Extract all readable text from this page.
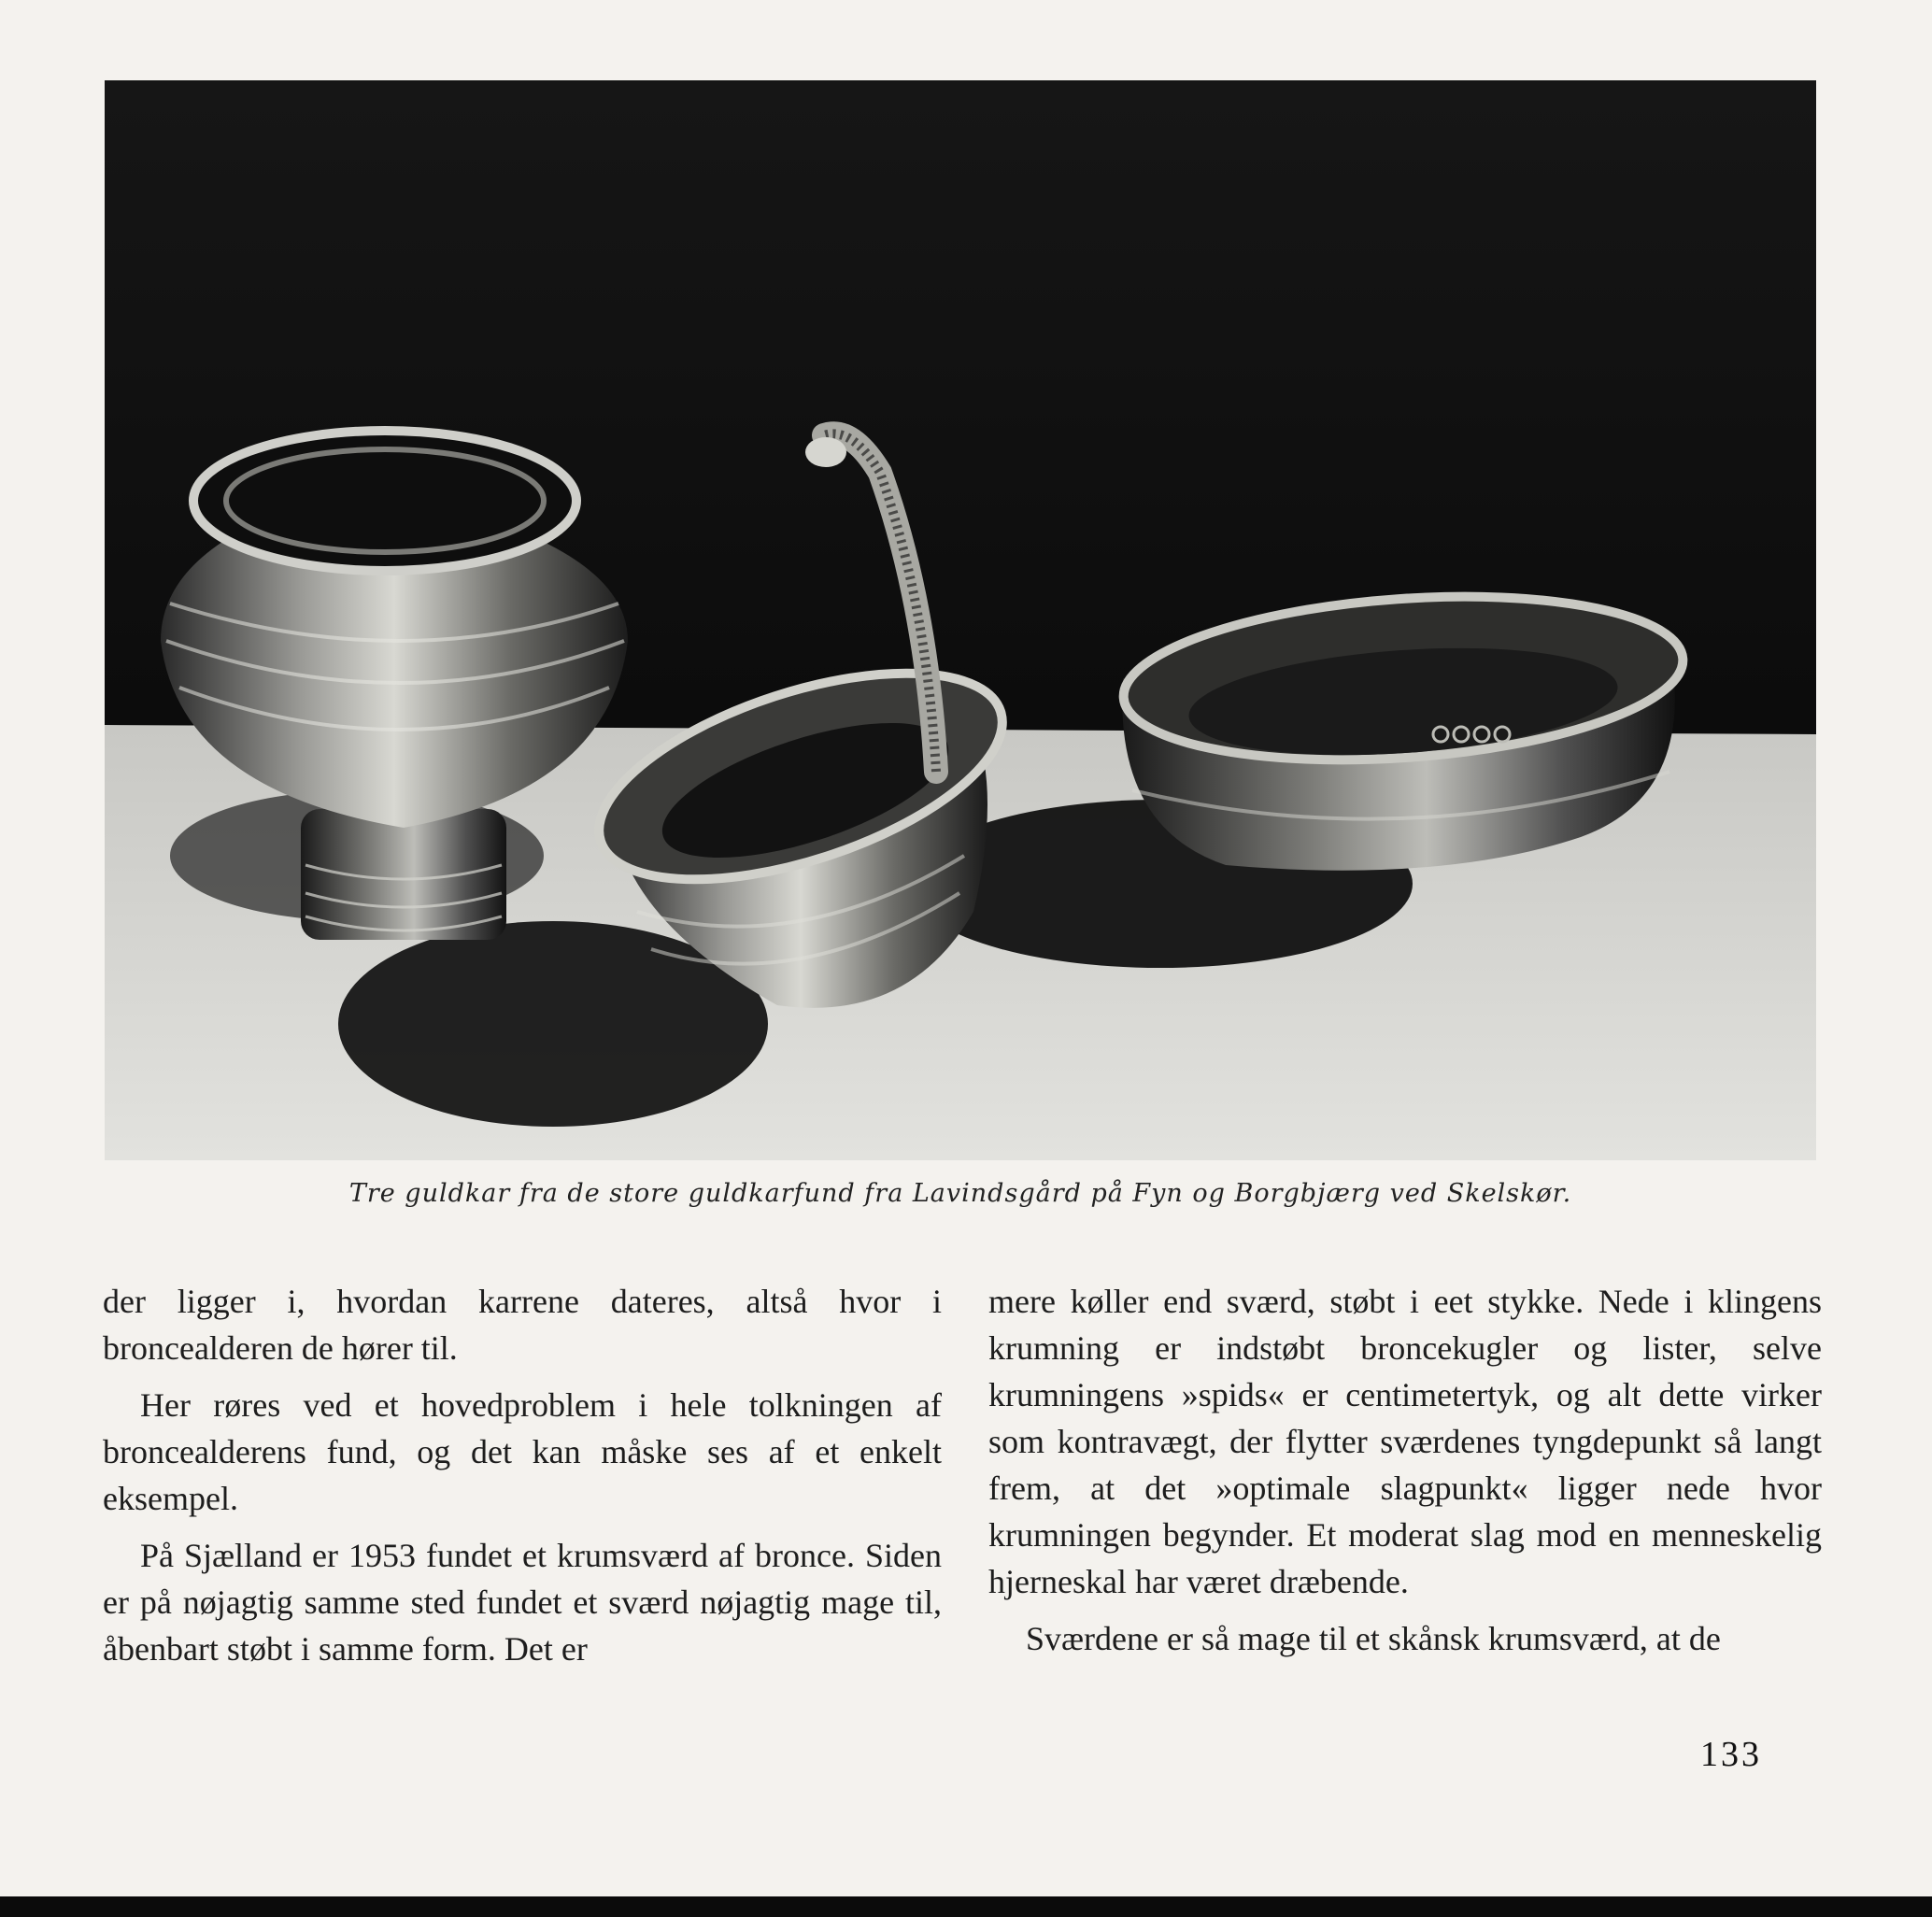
Tre guldkar fra de store guldkarfund fra Lavindsgård på Fyn og Borgbjærg ved Skelskør.

der ligger i, hvordan karrene dateres, altså hvor i broncealderen de hører til.

Her røres ved et hovedproblem i hele tolkningen af broncealderens fund, og det kan måske ses af et enkelt eksempel.

På Sjælland er 1953 fundet et krumsværd af bronce. Siden er på nøjagtig samme sted fundet et sværd nøjagtig mage til, åbenbart støbt i samme form. Det er

mere køller end sværd, støbt i eet stykke. Nede i klingens krumning er indstøbt broncekugler og lister, selve krumningens »spids« er centimetertyk, og alt dette virker som kontravægt, der flytter sværdenes tyngdepunkt så langt frem, at det »optimale slagpunkt« ligger nede hvor krumningen begynder. Et moderat slag mod en menneskelig hjerneskal har været dræbende.

Sværdene er så mage til et skånsk krumsværd, at de

133
